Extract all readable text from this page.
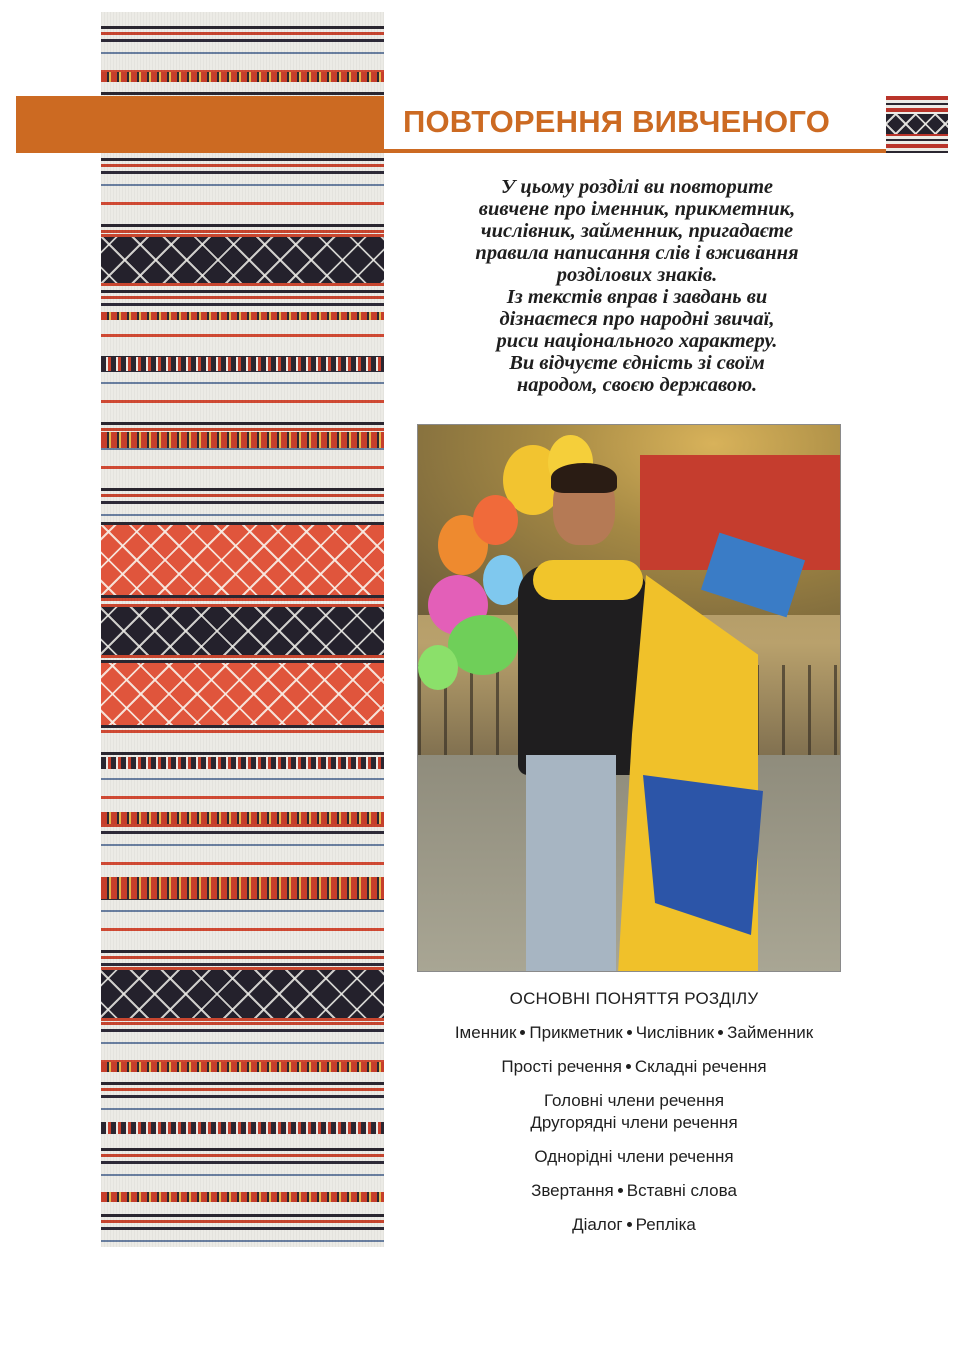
ПОВТОРЕННЯ ВИВЧЕНОГО
У цьому розділі ви повторите
вивчене про іменник, прикметник,
числівник, займенник, пригадаєте
правила написання слів і вживання
розділових знаків.
Із текстів вправ і завдань ви
дізнаєтеся про народні звичаї,
риси національного характеру.
Ви відчуєте єдність зі своїм
народом, своєю державою.
ОСНОВНІ ПОНЯТТЯ РОЗДІЛУ
Іменник Прикметник Числівник Займенник
Прості речення Складні речення
Головні члени речення
Другорядні члени речення
Однорідні члени речення
Звертання Вставні слова
Діалог Репліка
